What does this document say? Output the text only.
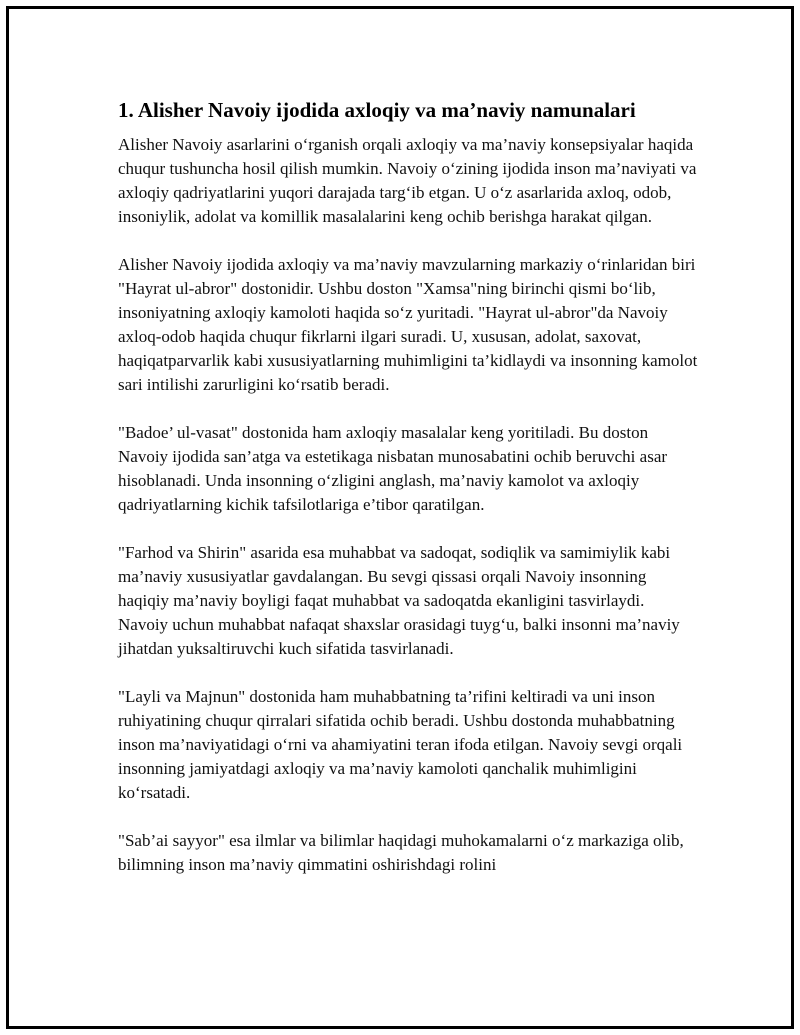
1. Alisher Navoiy ijodida axloqiy va ma’naviy namunalari

Alisher Navoiy asarlarini o‘rganish orqali axloqiy va ma’naviy konsepsiyalar haqida chuqur tushuncha hosil qilish mumkin. Navoiy o‘zining ijodida inson ma’naviyati va axloqiy qadriyatlarini yuqori darajada targ‘ib etgan. U o‘z asarlarida axloq, odob, insoniylik, adolat va komillik masalalarini keng ochib berishga harakat qilgan.

Alisher Navoiy ijodida axloqiy va ma’naviy mavzularning markaziy o‘rinlaridan biri "Hayrat ul-abror" dostonidir. Ushbu doston "Xamsa"ning birinchi qismi bo‘lib, insoniyatning axloqiy kamoloti haqida so‘z yuritadi. "Hayrat ul-abror"da Navoiy axloq-odob haqida chuqur fikrlarni ilgari suradi. U, xususan, adolat, saxovat, haqiqatparvarlik kabi xususiyatlarning muhimligini ta’kidlaydi va insonning kamolot sari intilishi zarurligini ko‘rsatib beradi.

"Badoe’ ul-vasat" dostonida ham axloqiy masalalar keng yoritiladi. Bu doston Navoiy ijodida san’atga va estetikaga nisbatan munosabatini ochib beruvchi asar hisoblanadi. Unda insonning o‘zligini anglash, ma’naviy kamolot va axloqiy qadriyatlarning kichik tafsilotlariga e’tibor qaratilgan.

"Farhod va Shirin" asarida esa muhabbat va sadoqat, sodiqlik va samimiylik kabi ma’naviy xususiyatlar gavdalangan. Bu sevgi qissasi orqali Navoiy insonning haqiqiy ma’naviy boyligi faqat muhabbat va sadoqatda ekanligini tasvirlaydi. Navoiy uchun muhabbat nafaqat shaxslar orasidagi tuyg‘u, balki insonni ma’naviy jihatdan yuksaltiruvchi kuch sifatida tasvirlanadi.

"Layli va Majnun" dostonida ham muhabbatning ta’rifini keltiradi va uni inson ruhiyatining chuqur qirralari sifatida ochib beradi. Ushbu dostonda muhabbatning inson ma’naviyatidagi o‘rni va ahamiyatini teran ifoda etilgan. Navoiy sevgi orqali insonning jamiyatdagi axloqiy va ma’naviy kamoloti qanchalik muhimligini ko‘rsatadi.

"Sab’ai sayyor" esa ilmlar va bilimlar haqidagi muhokamalarni o‘z markaziga olib, bilimning inson ma’naviy qimmatini oshirishdagi rolini
